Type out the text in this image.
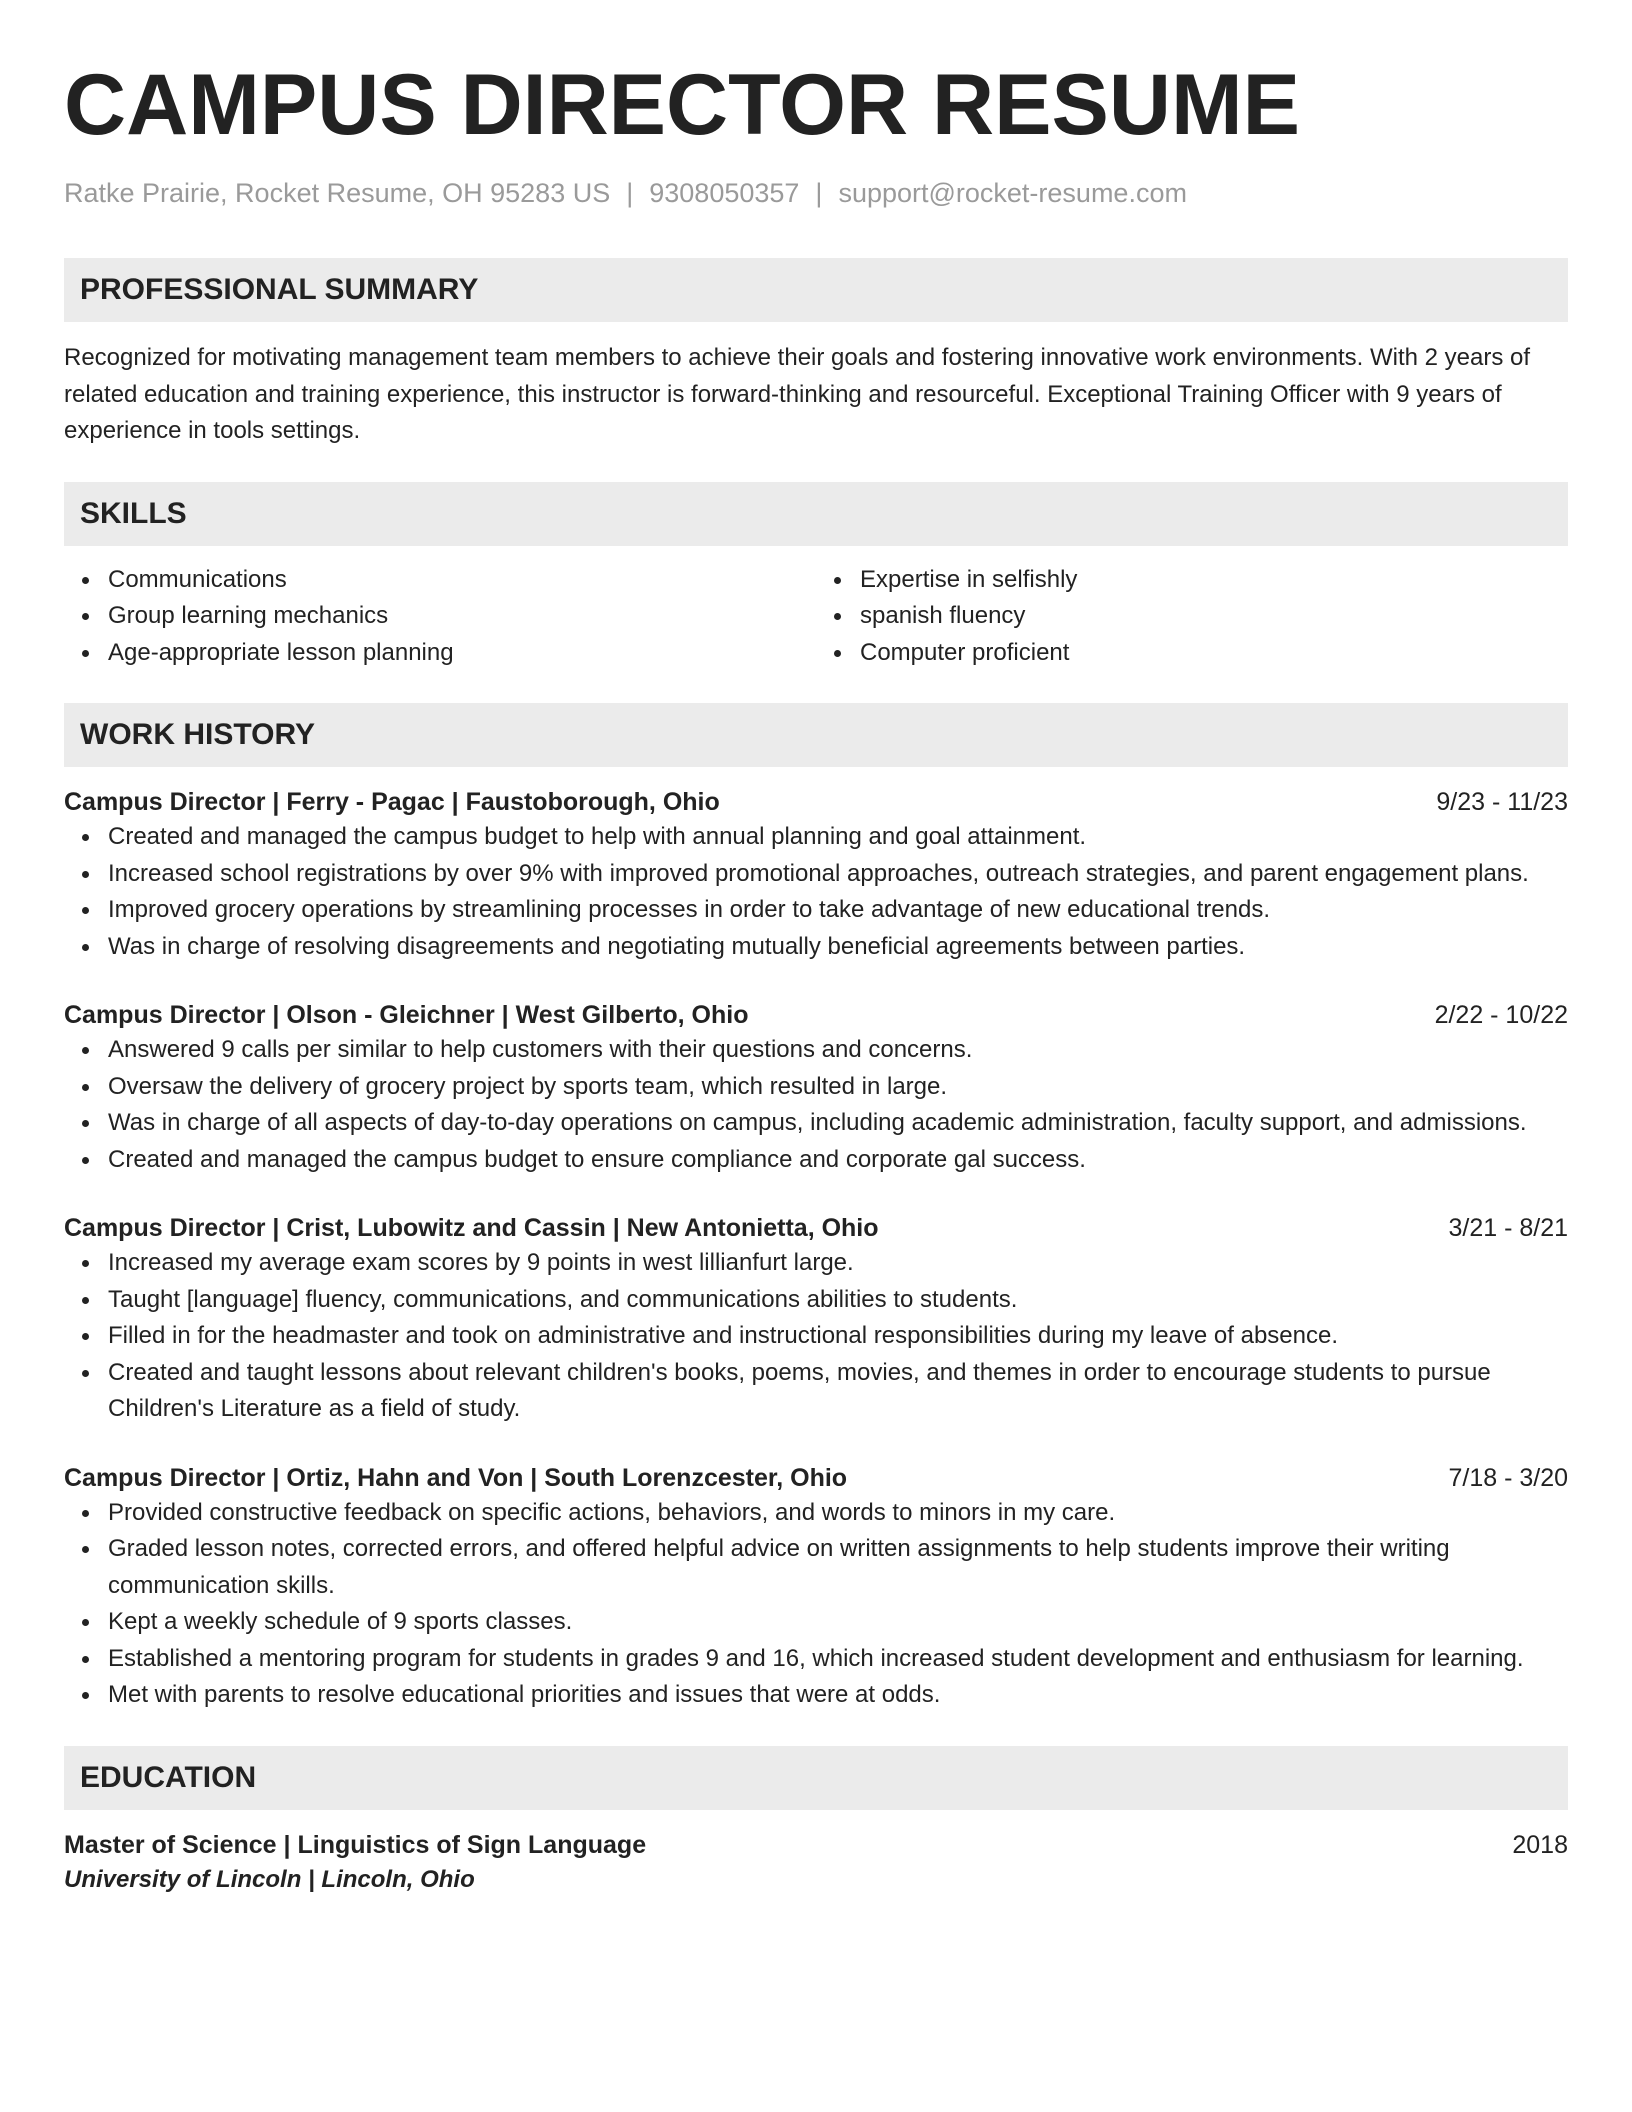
CAMPUS DIRECTOR RESUME
Ratke Prairie, Rocket Resume, OH 95283 US | 9308050357 | support@rocket-resume.com
PROFESSIONAL SUMMARY
Recognized for motivating management team members to achieve their goals and fostering innovative work environments. With 2 years of related education and training experience, this instructor is forward-thinking and resourceful. Exceptional Training Officer with 9 years of experience in tools settings.
SKILLS
Communications
Group learning mechanics
Age-appropriate lesson planning
Expertise in selfishly
spanish fluency
Computer proficient
WORK HISTORY
Campus Director | Ferry - Pagac | Faustoborough, Ohio	9/23 - 11/23
Created and managed the campus budget to help with annual planning and goal attainment.
Increased school registrations by over 9% with improved promotional approaches, outreach strategies, and parent engagement plans.
Improved grocery operations by streamlining processes in order to take advantage of new educational trends.
Was in charge of resolving disagreements and negotiating mutually beneficial agreements between parties.
Campus Director | Olson - Gleichner | West Gilberto, Ohio	2/22 - 10/22
Answered 9 calls per similar to help customers with their questions and concerns.
Oversaw the delivery of grocery project by sports team, which resulted in large.
Was in charge of all aspects of day-to-day operations on campus, including academic administration, faculty support, and admissions.
Created and managed the campus budget to ensure compliance and corporate gal success.
Campus Director | Crist, Lubowitz and Cassin | New Antonietta, Ohio	3/21 - 8/21
Increased my average exam scores by 9 points in west lillianfurt large.
Taught [language] fluency, communications, and communications abilities to students.
Filled in for the headmaster and took on administrative and instructional responsibilities during my leave of absence.
Created and taught lessons about relevant children's books, poems, movies, and themes in order to encourage students to pursue Children's Literature as a field of study.
Campus Director | Ortiz, Hahn and Von | South Lorenzcester, Ohio	7/18 - 3/20
Provided constructive feedback on specific actions, behaviors, and words to minors in my care.
Graded lesson notes, corrected errors, and offered helpful advice on written assignments to help students improve their writing communication skills.
Kept a weekly schedule of 9 sports classes.
Established a mentoring program for students in grades 9 and 16, which increased student development and enthusiasm for learning.
Met with parents to resolve educational priorities and issues that were at odds.
EDUCATION
Master of Science | Linguistics of Sign Language	2018
University of Lincoln | Lincoln, Ohio
